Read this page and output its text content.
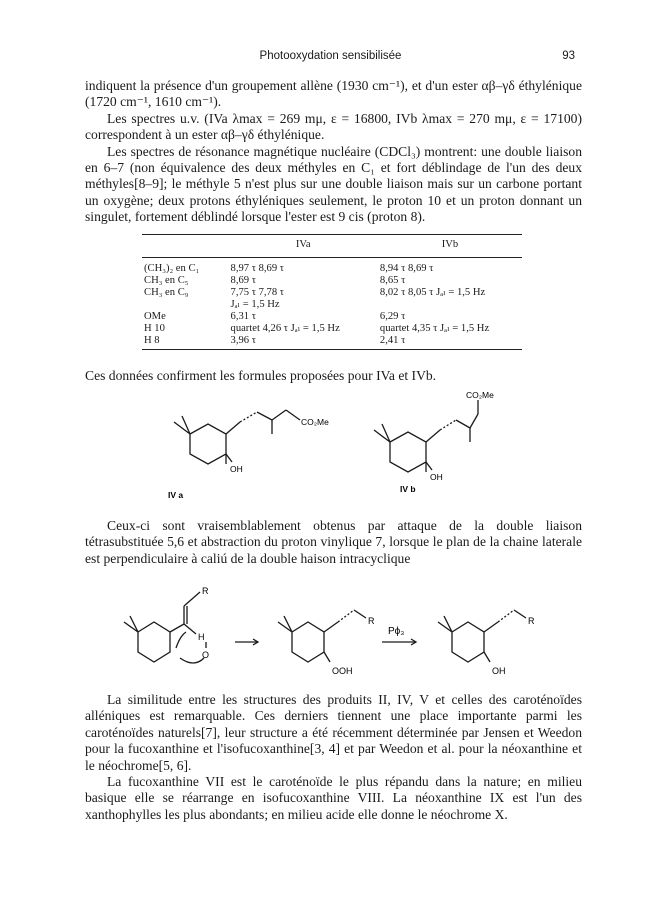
Photooxydation sensibilisée	93

indiquent la présence d'un groupement allène (1930 cm⁻¹), et d'un ester αβ–γδ éthylénique (1720 cm⁻¹, 1610 cm⁻¹).

Les spectres u.v. (IVa λmax = 269 mμ, ε = 16800, IVb λmax = 270 mμ, ε = 17100) correspondent à un ester αβ–γδ éthylénique.

Les spectres de résonance magnétique nucléaire (CDCl₃) montrent: une double liaison en 6–7 (non équivalence des deux méthyles en C₁ et fort déblindage de l'un des deux méthyles[8–9]; le méthyle 5 n'est plus sur une double liaison mais sur un carbone portant un oxygène; deux protons éthyléniques seulement, le proton 10 et un proton donnant un singulet, fortement déblindé lorsque l'ester est 9 cis (proton 8).

	IVa	IVb
(CH₃)₂ en C₁	8,97 τ 8,69 τ	8,94 τ 8,69 τ
CH₃ en C₅	8,69 τ	8,65 τ
CH₃ en C₉	7,75 τ 7,78 τ	8,02 τ 8,05 τ Jₐₗ = 1,5 Hz
	Jₐₗ = 1,5 Hz	
OMe	6,31 τ	6,29 τ
H 10	quartet 4,26 τ Jₐₗ = 1,5 Hz	quartet 4,35 τ Jₐₗ = 1,5 Hz
H 8	3,96 τ	2,41 τ

Ces données confirment les formules proposées pour IVa et IVb.

CO₂Me
OH
IV a
CO₂Me
OH
IV b

Ceux-ci sont vraisemblablement obtenus par attaque de la double liaison tétrasubstituée 5,6 et abstraction du proton vinylique 7, lorsque le plan de la chaine laterale est perpendiculaire à caliú de la double haison intracyclique

R
H
O
R
OOH
Pϕ₃
R
OH

La similitude entre les structures des produits II, IV, V et celles des caroténoïdes alléniques est remarquable. Ces derniers tiennent une place importante parmi les caroténoïdes naturels[7], leur structure a été récemment déterminée par Jensen et Weedon pour la fucoxanthine et l'isofucoxanthine[3, 4] et par Weedon et al. pour la néoxanthine et le néochrome[5, 6].

La fucoxanthine VII est le caroténoïde le plus répandu dans la nature; en milieu basique elle se réarrange en isofucoxanthine VIII. La néoxanthine IX est l'un des xanthophylles les plus abondants; en milieu acide elle donne le néochrome X.
